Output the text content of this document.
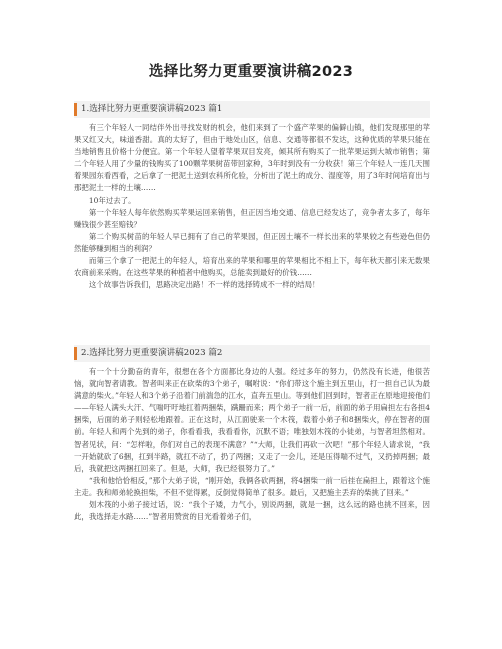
选择比努力更重要演讲稿2023
1.选择比努力更重要演讲稿2023 篇1

有三个年轻人一同结伴外出寻找发财的机会，他们来到了一个盛产苹果的偏僻山镇，他们发现那里的苹果又红又大，味道香甜。真的太好了，但由于地处山区，信息、交通等都很不发达，这种优质的苹果只能在当地销售且价格十分便宜。第一个年轻人望着苹果双目发亮，倾其所有购买了一批苹果运到大城市销售；第二个年轻人用了少量的钱购买了100颗苹果树苗带回家种，3年时到没有一分收获！第三个年轻人一连几天围着果园东看西看，之后拿了一把泥土送到农科所化验，分析出了泥土的成分、湿度等，用了3年时间培育出与那把泥土一样的土壤……

10年过去了。

第一个年轻人每年依然购买苹果运回来销售，但正因当地交通、信息已经发达了，竞争者太多了，每年赚钱很少甚至赔钱？

第二个购买树苗的年轻人早已拥有了自己的苹果园，但正因土壤不一样长出来的苹果较之有些逊色但仍然能够赚到相当的利润？

而第三个拿了一把泥土的年轻人，培育出来的苹果和哪里的苹果相比不相上下，每年秋天都引来无数果农商前来采购。在这些苹果的种植者中他购买，总能卖到最好的价钱……

这个故事告诉我们，思路决定出路！不一样的选择铸成不一样的结局！

2.选择比努力更重要演讲稿2023 篇2

有一个十分勤奋的青年，很想在各个方面都比身边的人强。经过多年的努力，仍然没有长进，他很苦恼，就向智者请教。智者叫来正在砍柴的3个弟子，嘱咐说：“你们带这个施主到五里山，打一担自己认为最满意的柴火。”年轻人和3个弟子沿着门前湍急的江水，直奔五里山。等到他们回到时，智者正在原地迎接他们——年轻人满头大汗、气喘吁吁地扛着两捆柴，蹒跚而来；两个弟子一前一后，前面的弟子用扁担左右各担4捆柴，后面的弟子则轻松地跟着。正在这时，从江面驶来一个木筏，载着小弟子和8捆柴火，停在智者的面前。年轻人和两个先到的弟子，你看看我，我看看你，沉默不语；唯独划木筏的小徒弟，与智者坦然相对。智者见状，问：“怎样啦，你们对自己的表现不满意？”“大师，让我们再砍一次吧！”那个年轻人请求说，“我一开始就砍了6捆，扛到半路，就扛不动了，扔了两捆；又走了一会儿，还是压得喘不过气，又扔掉两捆；最后，我就把这两捆扛回来了。但是，大师，我已经很努力了。”

“我和他恰恰相反，”那个大弟子说，“刚开始，我俩各砍两捆，将4捆柴一前一后挂在扁担上，跟着这个施主走。我和师弟轮换担柴，不但不觉得累，反倒觉得简单了很多。最后，又把施主丢弃的柴挑了回来。”

划木筏的小弟子接过话，说：“我个子矮，力气小，别说两捆，就是一捆，这么远的路也挑不回来，因此，我选择走水路……”智者用赞赏的目光看着弟子们，
